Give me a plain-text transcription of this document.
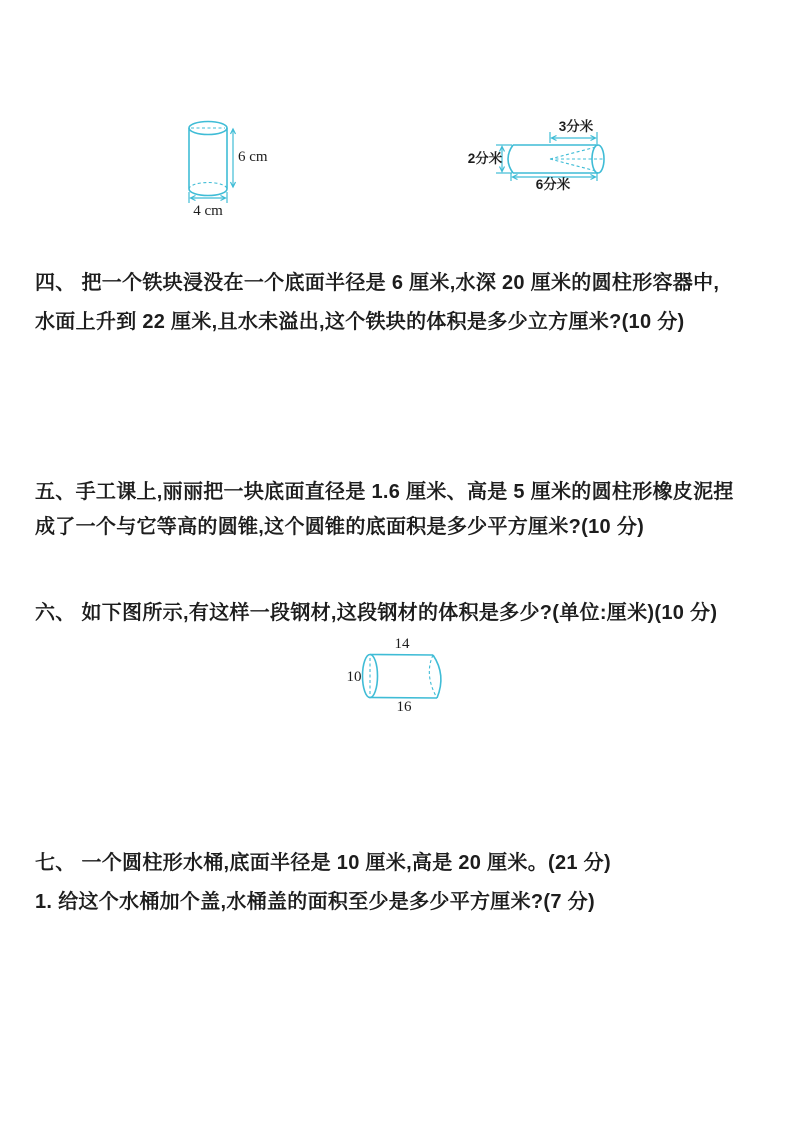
6 cm
4 cm
3分米
2分米
6分米
四、 把一个铁块浸没在一个底面半径是 6 厘米,水深 20 厘米的圆柱形容器中,
水面上升到 22 厘米,且水未溢出,这个铁块的体积是多少立方厘米?(10 分)
五、手工课上,丽丽把一块底面直径是 1.6 厘米、高是 5 厘米的圆柱形橡皮泥捏
成了一个与它等高的圆锥,这个圆锥的底面积是多少平方厘米?(10 分)
六、 如下图所示,有这样一段钢材,这段钢材的体积是多少?(单位:厘米)(10 分)
14
10
16
七、 一个圆柱形水桶,底面半径是 10 厘米,高是 20 厘米。(21 分)
1. 给这个水桶加个盖,水桶盖的面积至少是多少平方厘米?(7 分)
